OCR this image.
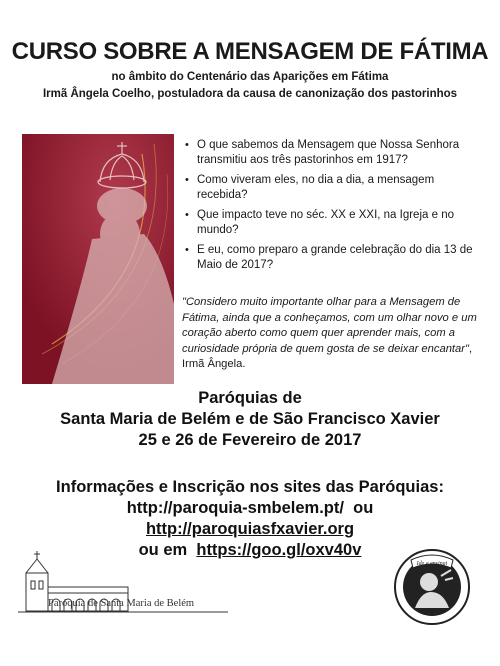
CURSO SOBRE A MENSAGEM DE FÁTIMA
no âmbito do Centenário das Aparições em Fátima
Irmã Ângela Coelho, postuladora da causa de canonização dos pastorinhos
• O que sabemos da Mensagem que Nossa Senhora transmitiu aos três pastorinhos em 1917?
• Como viveram eles, no dia a dia, a mensagem recebida?
• Que impacto teve no séc. XX e XXI, na Igreja e no mundo?
• E eu, como preparo a grande celebração do dia 13 de Maio de 2017?
"Considero muito importante olhar para a Mensagem de Fátima, ainda que a conheçamos, com um olhar novo e um coração aberto como quem quer aprender mais, com a curiosidade própria de quem gosta de se deixar encantar", Irmã Ângela.
Paróquias de
Santa Maria de Belém e de São Francisco Xavier
25 e 26 de Fevereiro de 2017
Informações e Inscrição nos sites das Paróquias:
http://paroquia-smbelem.pt/  ou
http://paroquiasfxavier.org
ou em  https://goo.gl/oxv40v
Paróquia de Santa Maria de Belém
Ide e ensinai
